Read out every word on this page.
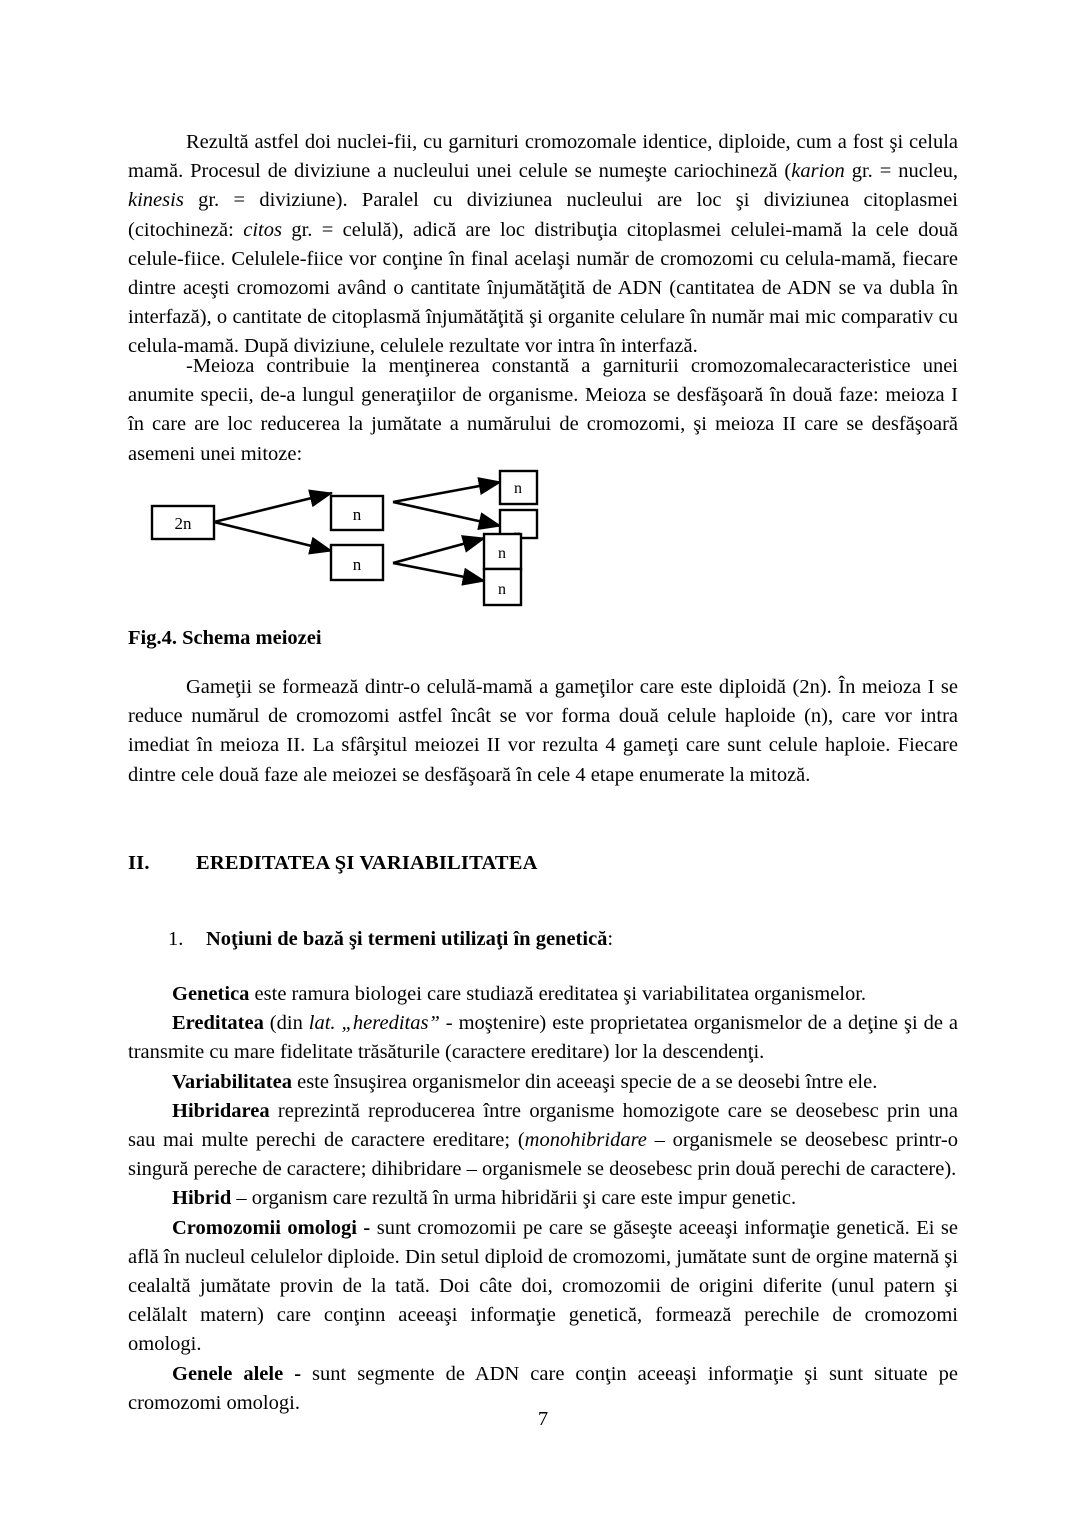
Rezultă astfel doi nuclei-fii, cu garnituri cromozomale identice, diploide, cum a fost şi celula mamă. Procesul de diviziune a nucleului unei celule se numeşte cariochineză (karion gr. = nucleu, kinesis gr. = diviziune). Paralel cu diviziunea nucleului are loc şi diviziunea citoplasmei (citochineză: citos gr. = celulă), adică are loc distribuţia citoplasmei celulei-mamă la cele două celule-fiice. Celulele-fiice vor conţine în final acelaşi număr de cromozomi cu celula-mamă, fiecare dintre aceşti cromozomi având o cantitate înjumătăţită de ADN (cantitatea de ADN se va dubla în interfază), o cantitate de citoplasmă înjumătăţită şi organite celulare în număr mai mic comparativ cu celula-mamă. După diviziune, celulele rezultate vor intra în interfază.

-Meioza contribuie la menţinerea constantă a garniturii cromozomalecaracteristice unei anumite specii, de-a lungul generaţiilor de organisme. Meioza se desfăşoară în două faze: meioza I în care are loc reducerea la jumătate a numărului de cromozomi, şi meioza II care se desfăşoară asemeni unei mitoze:

2n	n
n
n
n
n
Fig.4. Schema meiozei

Gameţii se formează dintr-o celulă-mamă a gameţilor care este diploidă (2n). În meioza I se reduce numărul de cromozomi astfel încât se vor forma două celule haploide (n), care vor intra imediat în meioza II. La sfârşitul meiozei II vor rezulta 4 gameţi care sunt celule haploie. Fiecare dintre cele două faze ale meiozei se desfăşoară în cele 4 etape enumerate la mitoză.

II. EREDITATEA ŞI VARIABILITATEA
1. Noţiuni de bază şi termeni utilizaţi în genetică:

Genetica este ramura biologei care studiază ereditatea şi variabilitatea organismelor.

Ereditatea (din lat. „hereditas” - moştenire) este proprietatea organismelor de a deţine şi de a transmite cu mare fidelitate trăsăturile (caractere ereditare) lor la descendenţi.

Variabilitatea este însuşirea organismelor din aceeaşi specie de a se deosebi între ele.

Hibridarea reprezintă reproducerea între organisme homozigote care se deosebesc prin una sau mai multe perechi de caractere ereditare; (monohibridare – organismele se deosebesc printr-o singură pereche de caractere; dihibridare – organismele se deosebesc prin două perechi de caractere).

Hibrid – organism care rezultă în urma hibridării şi care este impur genetic.

Cromozomii omologi - sunt cromozomii pe care se găseşte aceeaşi informaţie genetică. Ei se află în nucleul celulelor diploide. Din setul diploid de cromozomi, jumătate sunt de orgine maternă şi cealaltă jumătate provin de la tată. Doi câte doi, cromozomii de origini diferite (unul patern şi celălalt matern) care conţinn aceeaşi informaţie genetică, formează perechile de cromozomi omologi.

Genele alele - sunt segmente de ADN care conţin aceeaşi informaţie şi sunt situate pe cromozomi omologi.

7
